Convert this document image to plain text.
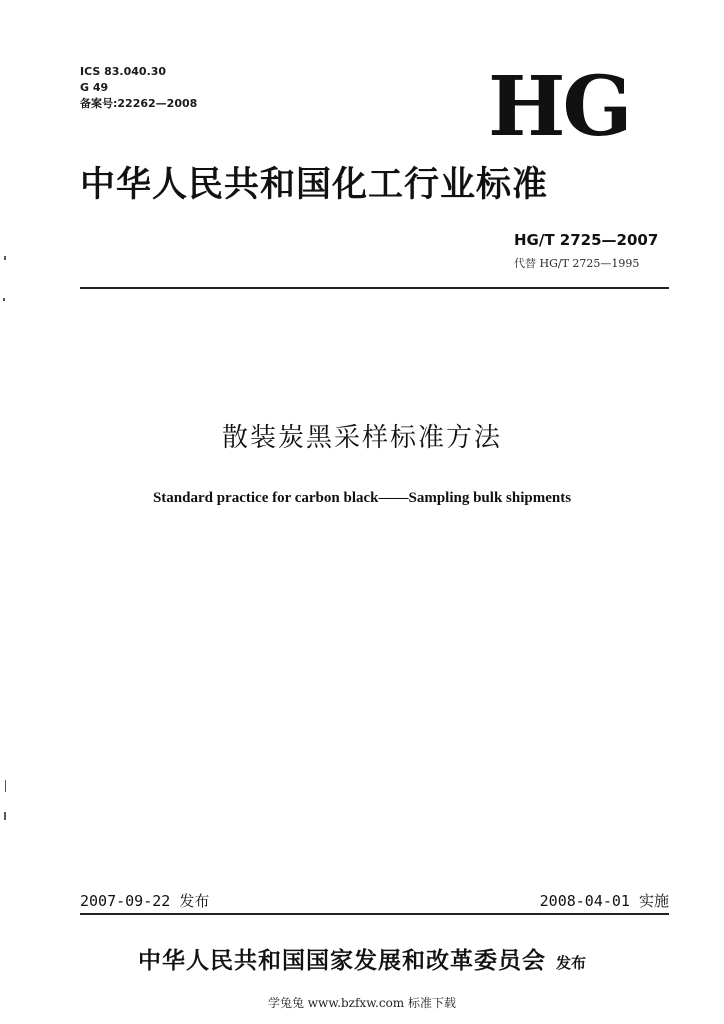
ICS 83.040.30
G 49
备案号:22262—2008	HG
中华人民共和国化工行业标准
HG/T 2725—2007
代替 HG/T 2725—1995
散装炭黑采样标准方法
Standard practice for carbon black——Sampling bulk shipments
2007-09-22 发布	2008-04-01 实施
中华人民共和国国家发展和改革委员会 发布
学兔兔 www.bzfxw.com 标准下载
